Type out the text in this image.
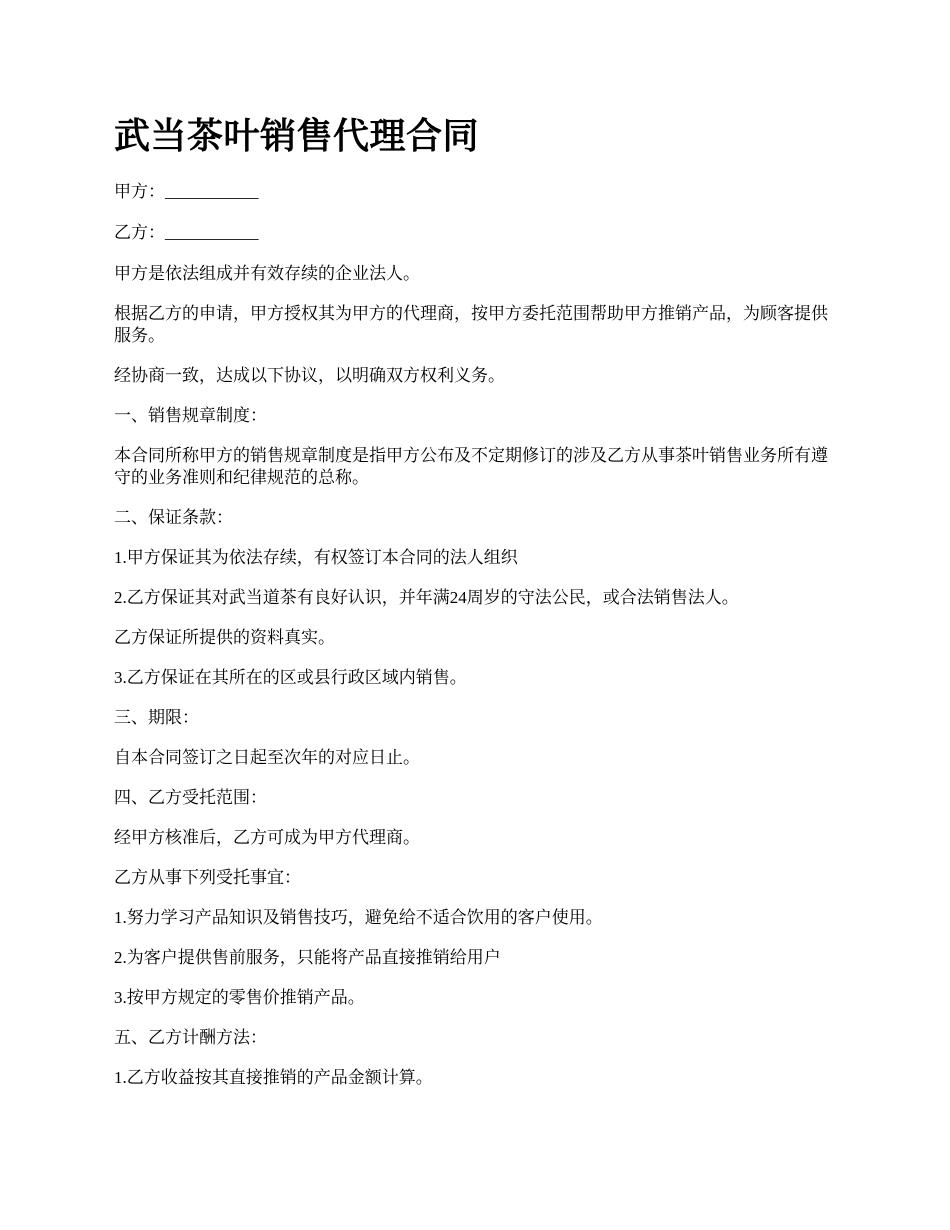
武当茶叶销售代理合同

甲方：___________

乙方：___________

甲方是依法组成并有效存续的企业法人。

根据乙方的申请，甲方授权其为甲方的代理商，按甲方委托范围帮助甲方推销产品，为顾客提供服务。

经协商一致，达成以下协议，以明确双方权利义务。

一、销售规章制度：

本合同所称甲方的销售规章制度是指甲方公布及不定期修订的涉及乙方从事茶叶销售业务所有遵守的业务准则和纪律规范的总称。

二、保证条款：

1.甲方保证其为依法存续，有权签订本合同的法人组织

2.乙方保证其对武当道茶有良好认识，并年满24周岁的守法公民，或合法销售法人。

乙方保证所提供的资料真实。

3.乙方保证在其所在的区或县行政区域内销售。

三、期限：

自本合同签订之日起至次年的对应日止。

四、乙方受托范围：

经甲方核准后，乙方可成为甲方代理商。

乙方从事下列受托事宜：

1.努力学习产品知识及销售技巧，避免给不适合饮用的客户使用。

2.为客户提供售前服务，只能将产品直接推销给用户

3.按甲方规定的零售价推销产品。

五、乙方计酬方法：

1.乙方收益按其直接推销的产品金额计算。
